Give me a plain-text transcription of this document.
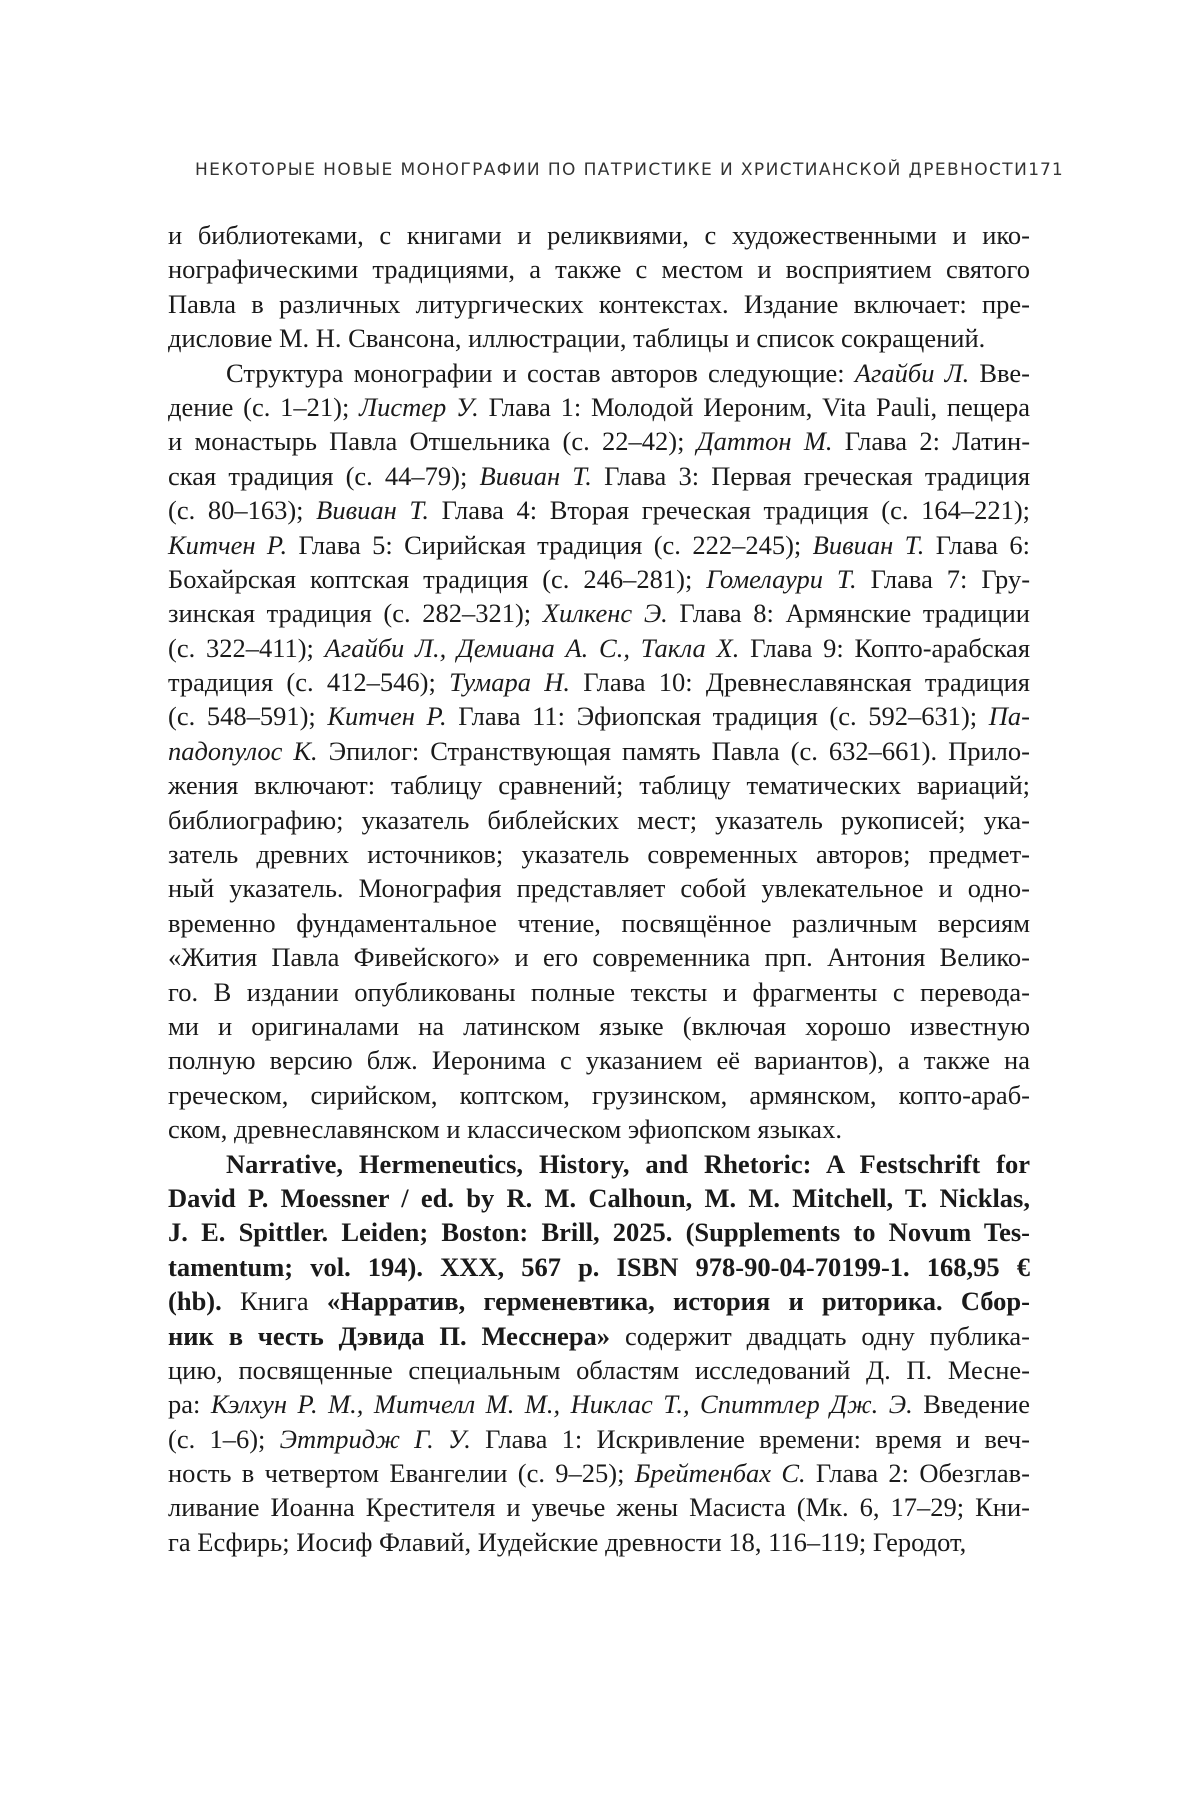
НЕКОТОРЫЕ НОВЫЕ МОНОГРАФИИ ПО ПАТРИСТИКЕ И ХРИСТИАНСКОЙ ДРЕВНОСТИ 171
и библиотеками, с книгами и реликвиями, с художественными и ико-
нографическими традициями, а также с местом и восприятием святого
Павла в различных литургических контекстах. Издание включает: пре-
дисловие М. Н. Свансона, иллюстрации, таблицы и список сокращений.
Структура монографии и состав авторов следующие: Агайби Л. Вве-
дение (с. 1–21); Листер У. Глава 1: Молодой Иероним, Vita Pauli, пещера
и монастырь Павла Отшельника (с. 22–42); Даттон М. Глава 2: Латин-
ская традиция (с. 44–79); Вивиан Т. Глава 3: Первая греческая традиция
(с. 80–163); Вивиан Т. Глава 4: Вторая греческая традиция (с. 164–221);
Китчен Р. Глава 5: Сирийская традиция (с. 222–245); Вивиан Т. Глава 6:
Бохайрская коптская традиция (с. 246–281); Гомелаури Т. Глава 7: Гру-
зинская традиция (с. 282–321); Хилкенс Э. Глава 8: Армянские традиции
(с. 322–411); Агайби Л., Демиана А. С., Такла Х. Глава 9: Копто-арабская
традиция (с. 412–546); Тумара Н. Глава 10: Древнеславянская традиция
(с. 548–591); Китчен Р. Глава 11: Эфиопская традиция (с. 592–631); Па-
падопулос К. Эпилог: Странствующая память Павла (с. 632–661). Прило-
жения включают: таблицу сравнений; таблицу тематических вариаций;
библиографию; указатель библейских мест; указатель рукописей; ука-
затель древних источников; указатель современных авторов; предмет-
ный указатель. Монография представляет собой увлекательное и одно-
временно фундаментальное чтение, посвящённое различным версиям
«Жития Павла Фивейского» и его современника прп. Антония Велико-
го. В издании опубликованы полные тексты и фрагменты с переводa-
ми и оригиналами на латинском языке (включая хорошо известную
полную версию блж. Иеронима с указанием её вариантов), а также на
греческом, сирийском, коптском, грузинском, армянском, копто-араб-
ском, древнеславянском и классическом эфиопском языках.
Narrative, Hermeneutics, History, and Rhetoric: A Festschrift for
David P. Moessner / ed. by R. M. Calhoun, M. M. Mitchell, T. Nicklas,
J. E. Spittler. Leiden; Boston: Brill, 2025. (Supplements to Novum Tes-
tamentum; vol. 194). XXX, 567 p. ISBN 978-90-04-70199-1. 168,95 €
(hb). Книга «Нарратив, герменевтика, история и риторика. Сбор-
ник в честь Дэвида П. Месснера» содержит двадцать одну публика-
цию, посвященные специальным областям исследований Д. П. Месне-
ра: Кэлхун Р. М., Митчелл М. М., Никлас Т., Спиттлер Дж. Э. Введение
(с. 1–6); Эттридж Г. У. Глава 1: Искривление времени: время и веч-
ность в четвертом Евангелии (с. 9–25); Брейтенбах С. Глава 2: Обезглав-
ливание Иоанна Крестителя и увечье жены Масиста (Мк. 6, 17–29; Кни-
га Есфирь; Иосиф Флавий, Иудейские древности 18, 116–119; Геродот,
